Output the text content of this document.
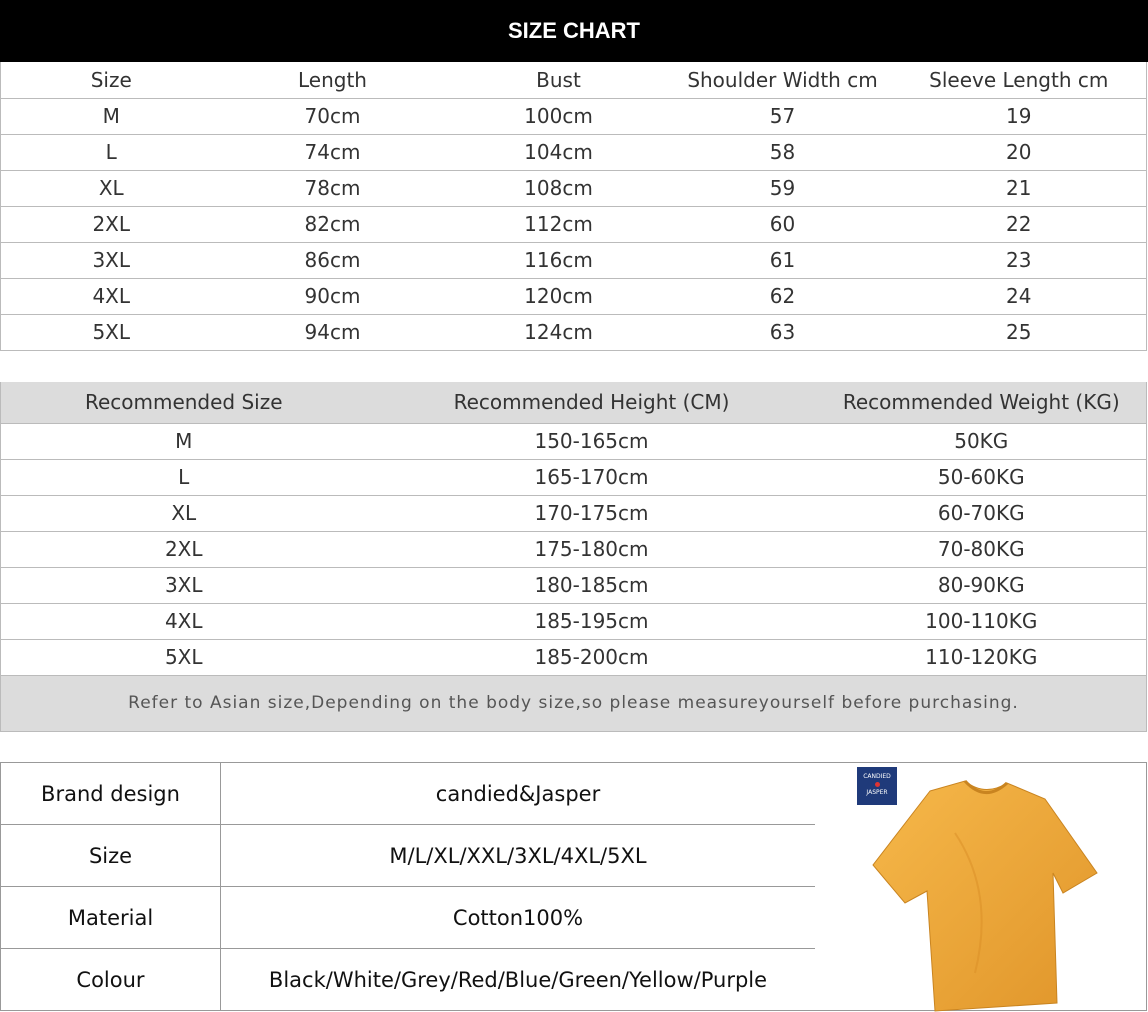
SIZE CHART
Size	Length	Bust	Shoulder Width cm	Sleeve Length cm
M	70cm	100cm	57	19
L	74cm	104cm	58	20
XL	78cm	108cm	59	21
2XL	82cm	112cm	60	22
3XL	86cm	116cm	61	23
4XL	90cm	120cm	62	24
5XL	94cm	124cm	63	25
Recommended Size	Recommended Height (CM)	Recommended Weight (KG)
M	150-165cm	50KG
L	165-170cm	50-60KG
XL	170-175cm	60-70KG
2XL	175-180cm	70-80KG
3XL	180-185cm	80-90KG
4XL	185-195cm	100-110KG
5XL	185-200cm	110-120KG
Refer to Asian size,Depending on the body size,so please measureyourself before purchasing.		
Brand design	candied&Jasper
Size	M/L/XL/XXL/3XL/4XL/5XL
Material	Cotton100%
Colour	Black/White/Grey/Red/Blue/Green/Yellow/Purple
CANDIED
JASPER
